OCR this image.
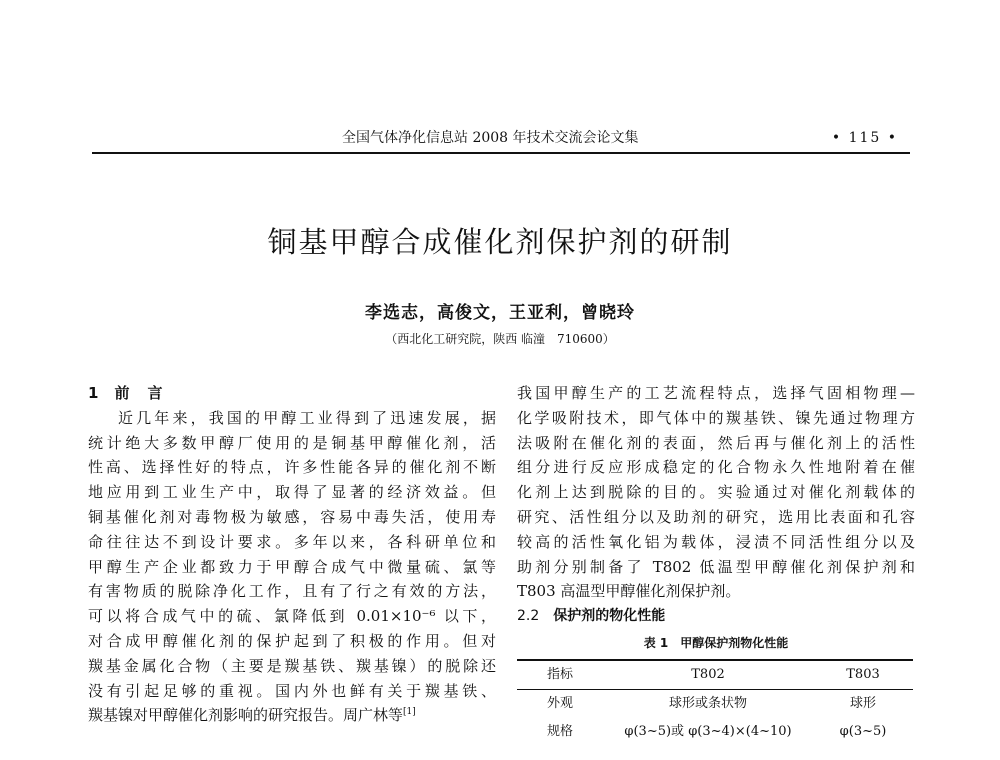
全国气体净化信息站 2008 年技术交流会论文集	• 115 •
铜基甲醇合成催化剂保护剂的研制
李选志，高俊文，王亚利，曾晓玲
（西北化工研究院，陕西 临潼　710600）
1 前 言
近几年来，我国的甲醇工业得到了迅速发展，据
统计绝大多数甲醇厂使用的是铜基甲醇催化剂，活
性高、选择性好的特点，许多性能各异的催化剂不断
地应用到工业生产中，取得了显著的经济效益。但
铜基催化剂对毒物极为敏感，容易中毒失活，使用寿
命往往达不到设计要求。多年以来，各科研单位和
甲醇生产企业都致力于甲醇合成气中微量硫、氯等
有害物质的脱除净化工作，且有了行之有效的方法，
可以将合成气中的硫、氯降低到 0.01×10⁻⁶ 以下，
对合成甲醇催化剂的保护起到了积极的作用。但对
羰基金属化合物（主要是羰基铁、羰基镍）的脱除还
没有引起足够的重视。国内外也鲜有关于羰基铁、
羰基镍对甲醇催化剂影响的研究报告。周广林等[1]
我国甲醇生产的工艺流程特点，选择气固相物理—
化学吸附技术，即气体中的羰基铁、镍先通过物理方
法吸附在催化剂的表面，然后再与催化剂上的活性
组分进行反应形成稳定的化合物永久性地附着在催
化剂上达到脱除的目的。实验通过对催化剂载体的
研究、活性组分以及助剂的研究，选用比表面和孔容
较高的活性氧化铝为载体，浸渍不同活性组分以及
助剂分别制备了 T802 低温型甲醇催化剂保护剂和
T803 高温型甲醇催化剂保护剂。
2.2 保护剂的物化性能
表 1 甲醇保护剂物化性能
指标	T802	T803
外观	球形或条状物	球形
规格	φ(3~5)或 φ(3~4)×(4~10)	φ(3~5)
